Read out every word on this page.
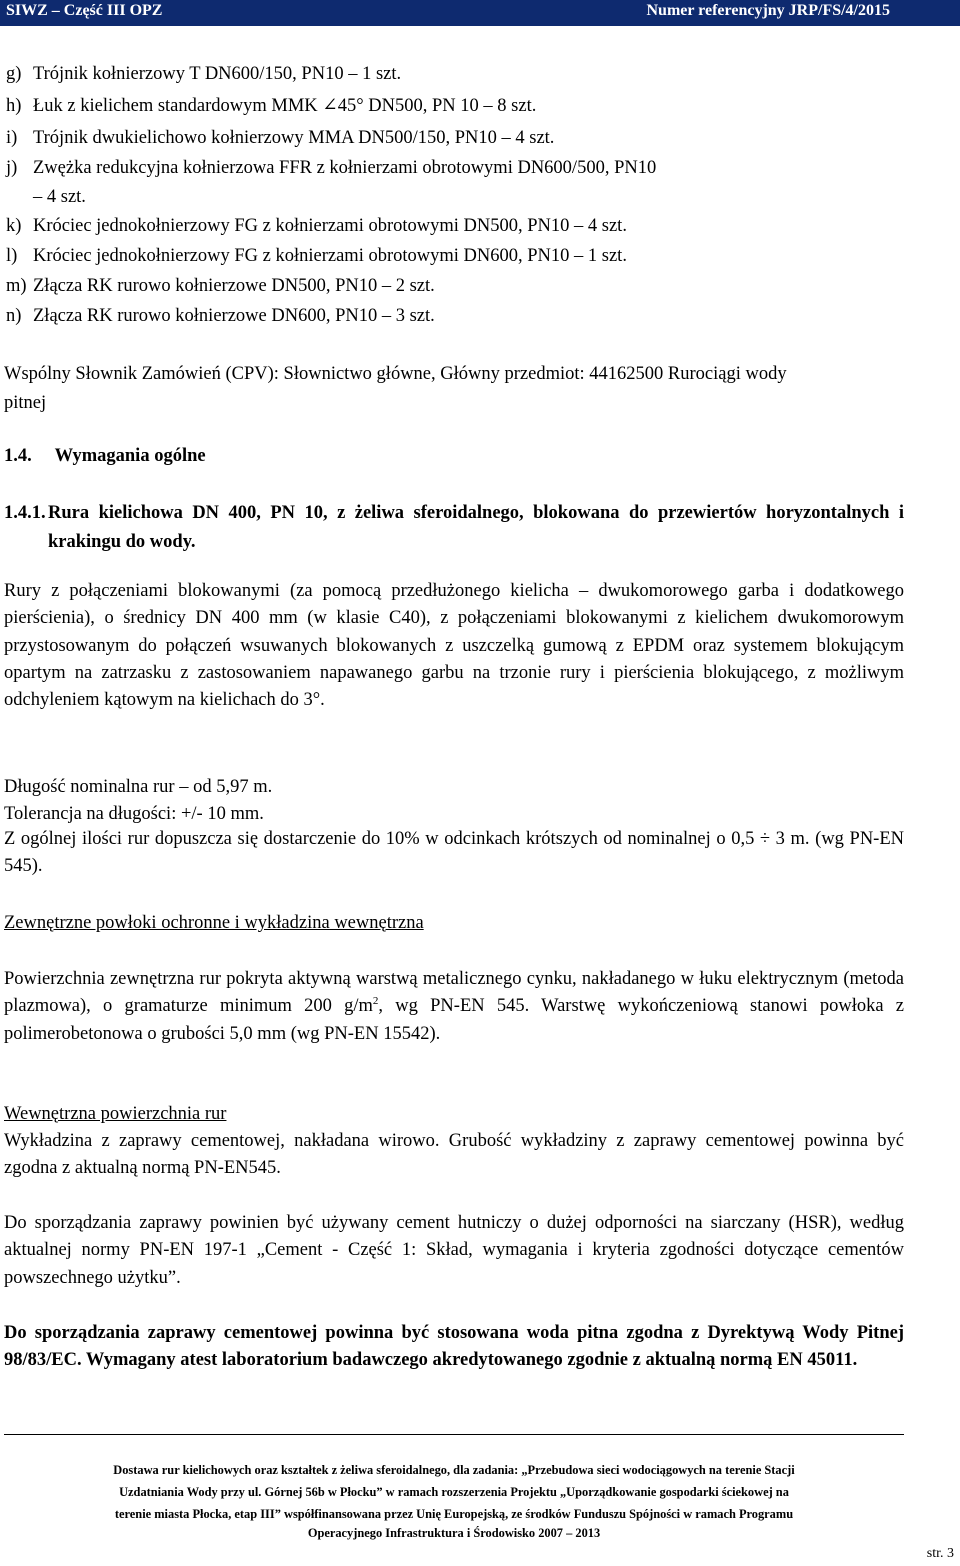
SIWZ – Część III OPZ	Numer referencyjny JRP/FS/4/2015
g) Trójnik kołnierzowy T DN600/150, PN10 – 1 szt.
h) Łuk z kielichem standardowym MMK ∠45° DN500, PN 10 – 8 szt.
i) Trójnik dwukielichowo kołnierzowy MMA DN500/150, PN10 – 4 szt.
j) Zwężka redukcyjna kołnierzowa FFR z kołnierzami obrotowymi DN600/500, PN10
– 4 szt.
k) Króciec jednokołnierzowy FG z kołnierzami obrotowymi DN500, PN10 – 4 szt.
l) Króciec jednokołnierzowy FG z kołnierzami obrotowymi DN600, PN10 – 1 szt.
m) Złącza RK rurowo kołnierzowe DN500, PN10 – 2 szt.
n) Złącza RK rurowo kołnierzowe DN600, PN10 – 3 szt.
Wspólny Słownik Zamówień (CPV): Słownictwo główne, Główny przedmiot: 44162500 Rurociągi wody pitnej
1.4. Wymagania ogólne
1.4.1. Rura kielichowa DN 400, PN 10, z żeliwa sferoidalnego, blokowana do przewiertów horyzontalnych i krakingu do wody.
Rury z połączeniami blokowanymi (za pomocą przedłużonego kielicha – dwukomorowego garba i dodatkowego pierścienia), o średnicy DN 400 mm (w klasie C40), z połączeniami blokowanymi z kielichem dwukomorowym przystosowanym do połączeń wsuwanych blokowanych z uszczelką gumową z EPDM oraz systemem blokującym opartym na zatrzasku z zastosowaniem napawanego garbu na trzonie rury i pierścienia blokującego, z możliwym odchyleniem kątowym na kielichach do 3°.
Długość nominalna rur – od 5,97 m.
Tolerancja na długości: +/- 10 mm.
Z ogólnej ilości rur dopuszcza się dostarczenie do 10% w odcinkach krótszych od nominalnej o 0,5 ÷ 3 m. (wg PN-EN 545).
Zewnętrzne powłoki ochronne i wykładzina wewnętrzna
Powierzchnia zewnętrzna rur pokryta aktywną warstwą metalicznego cynku, nakładanego w łuku elektrycznym (metoda plazmowa), o gramaturze minimum 200 $g/m^2$, wg PN-EN 545. Warstwę wykończeniową stanowi powłoka z polimerobetonowa o grubości 5,0 mm (wg PN-EN 15542).
Wewnętrzna powierzchnia rur
Wykładzina z zaprawy cementowej, nakładana wirowo. Grubość wykładziny z zaprawy cementowej powinna być zgodna z aktualną normą PN-EN545.
Do sporządzania zaprawy powinien być używany cement hutniczy o dużej odporności na siarczany (HSR), według aktualnej normy PN-EN 197-1 „Cement - Część 1: Skład, wymagania i kryteria zgodności dotyczące cementów powszechnego użytku”.
Do sporządzania zaprawy cementowej powinna być stosowana woda pitna zgodna z Dyrektywą Wody Pitnej 98/83/EC. Wymagany atest laboratorium badawczego akredytowanego zgodnie z aktualną normą EN 45011.
Dostawa rur kielichowych oraz kształtek z żeliwa sferoidalnego, dla zadania: „Przebudowa sieci wodociągowych na terenie Stacji
Uzdatniania Wody przy ul. Górnej 56b w Płocku” w ramach rozszerzenia Projektu „Uporządkowanie gospodarki ściekowej na
terenie miasta Płocka, etap III” współfinansowana przez Unię Europejską, ze środków Funduszu Spójności w ramach Programu
Operacyjnego Infrastruktura i Środowisko 2007 – 2013
str. 3
